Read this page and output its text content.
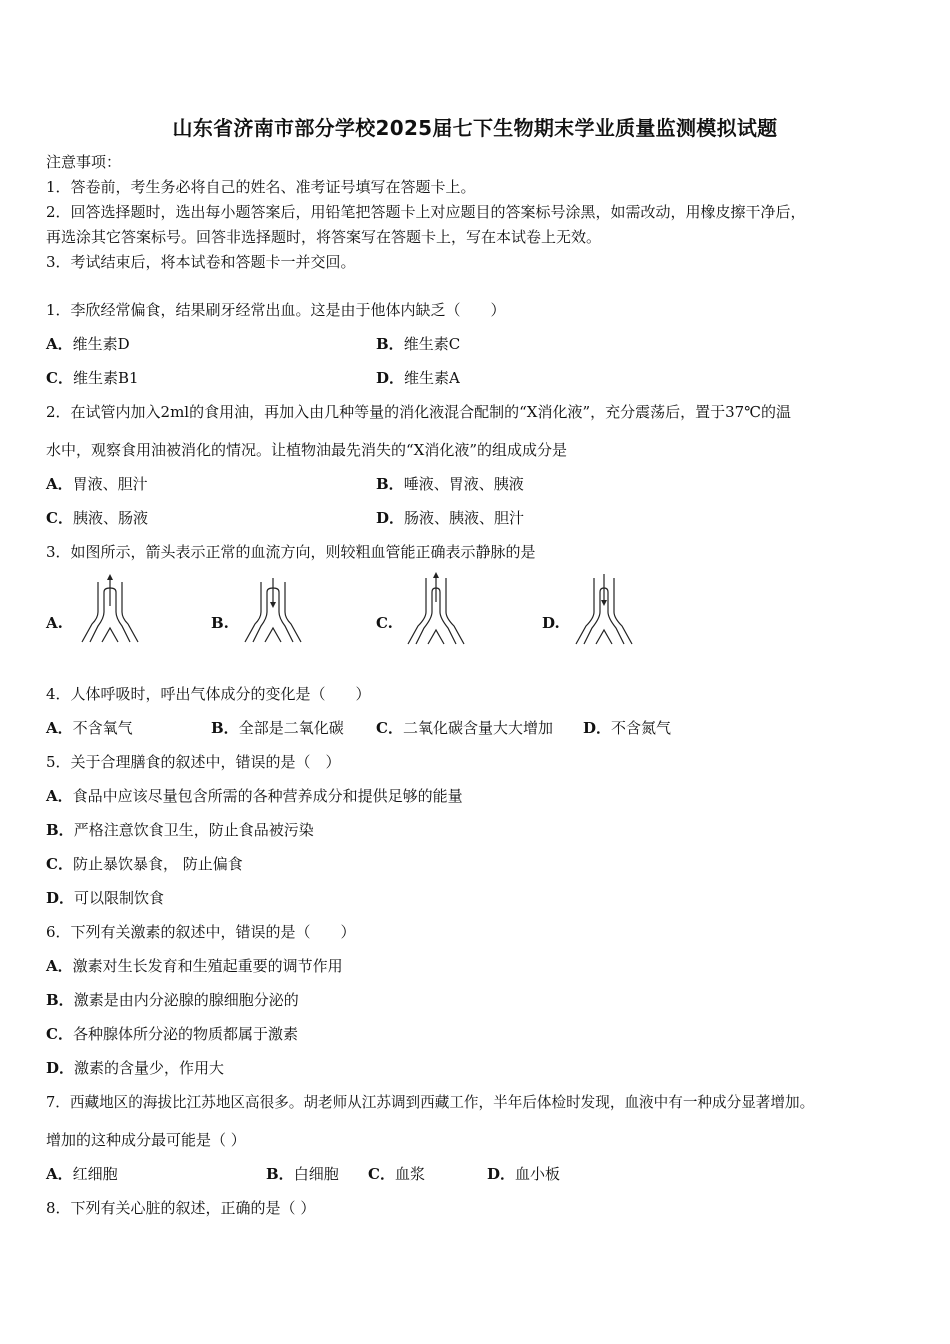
山东省济南市部分学校2025届七下生物期末学业质量监测模拟试题
注意事项：
1．答卷前，考生务必将自己的姓名、准考证号填写在答题卡上。
2．回答选择题时，选出每小题答案后，用铅笔把答题卡上对应题目的答案标号涂黑，如需改动，用橡皮擦干净后，
再选涂其它答案标号。回答非选择题时，将答案写在答题卡上，写在本试卷上无效。
3．考试结束后，将本试卷和答题卡一并交回。
1．李欣经常偏食，结果刷牙经常出血。这是由于他体内缺乏（　　）
A．维生素D	B．维生素C
C．维生素B1	D．维生素A
2．在试管内加入2ml的食用油，再加入由几种等量的消化液混合配制的“X消化液”，充分震荡后，置于37℃的温
水中，观察食用油被消化的情况。让植物油最先消失的“X消化液”的组成成分是
A．胃液、胆汁	B．唾液、胃液、胰液
C．胰液、肠液	D．肠液、胰液、胆汁
3．如图所示，箭头表示正常的血流方向，则较粗血管能正确表示静脉的是
A.	B.	C.	D.
4．人体呼吸时，呼出气体成分的变化是（　　）
A．不含氧气	B．全部是二氧化碳 C．二氧化碳含量大大增加 D．不含氮气
5．关于合理膳食的叙述中，错误的是（　）
A．食品中应该尽量包含所需的各种营养成分和提供足够的能量
B．严格注意饮食卫生，防止食品被污染
C．防止暴饮暴食， 防止偏食
D．可以限制饮食
6．下列有关激素的叙述中，错误的是（　　）
A．激素对生长发育和生殖起重要的调节作用
B．激素是由内分泌腺的腺细胞分泌的
C．各种腺体所分泌的物质都属于激素
D．激素的含量少，作用大
7．西藏地区的海拔比江苏地区高很多。胡老师从江苏调到西藏工作，半年后体检时发现，血液中有一种成分显著增加。
增加的这种成分最可能是（ ）
A．红细胞	B．白细胞 C．血浆	D．血小板
8．下列有关心脏的叙述，正确的是（ ）
